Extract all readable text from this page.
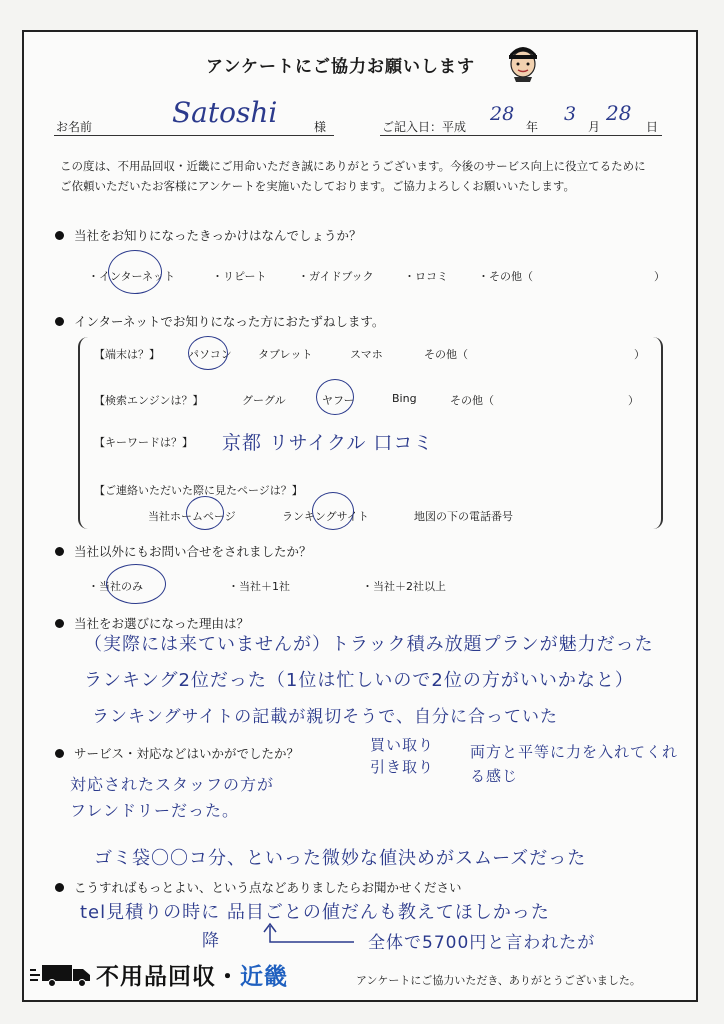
アンケートにご協力お願いします
お名前	Satoshi	様	ご記入日：平成
28
年
3
月
28
日
この度は、不用品回収・近畿にご用命いただき誠にありがとうございます。今後のサービス向上に役立てるために
ご依頼いただいたお客様にアンケートを実施いたしております。ご協力よろしくお願いいたします。
当社をお知りになったきっかけはなんでしょうか？
・インターネット	・リピート	・ガイドブック	・ロコミ	・その他（	）
インターネットでお知りになった方におたずねします。
【端末は？】	パソコン タブレット	スマホ	その他（	）
【検索エンジンは？】	グーグル	ヤフー	Bing	その他（	）
【キーワードは？】 京都 リサイクル 口コミ
【ご連絡いただいた際に見たページは？】
当社ホームページ	ランキングサイト	地図の下の電話番号
当社以外にもお問い合せをされましたか？
・当社のみ	・当社＋1社	・当社＋2社以上
当社をお選びになった理由は？
（実際には来ていませんが）トラック積み放題プランが魅力だった
ランキング2位だった（1位は忙しいので2位の方がいいかなと）
ランキングサイトの記載が親切そうで、自分に合っていた
サービス・対応などはいかがでしたか？	買い取り
引き取り
両方と平等に力を入れてくれる感じ
対応されたスタッフの方が
フレンドリーだった。
ゴミ袋〇〇コ分、といった微妙な値決めがスムーズだった
こうすればもっとよい、という点などありましたらお聞かせください
tel見積りの時に 品目ごとの値だんも教えてほしかった
降	全体で5700円と言われたが
不用品回収・近畿	アンケートにご協力いただき、ありがとうございました。
